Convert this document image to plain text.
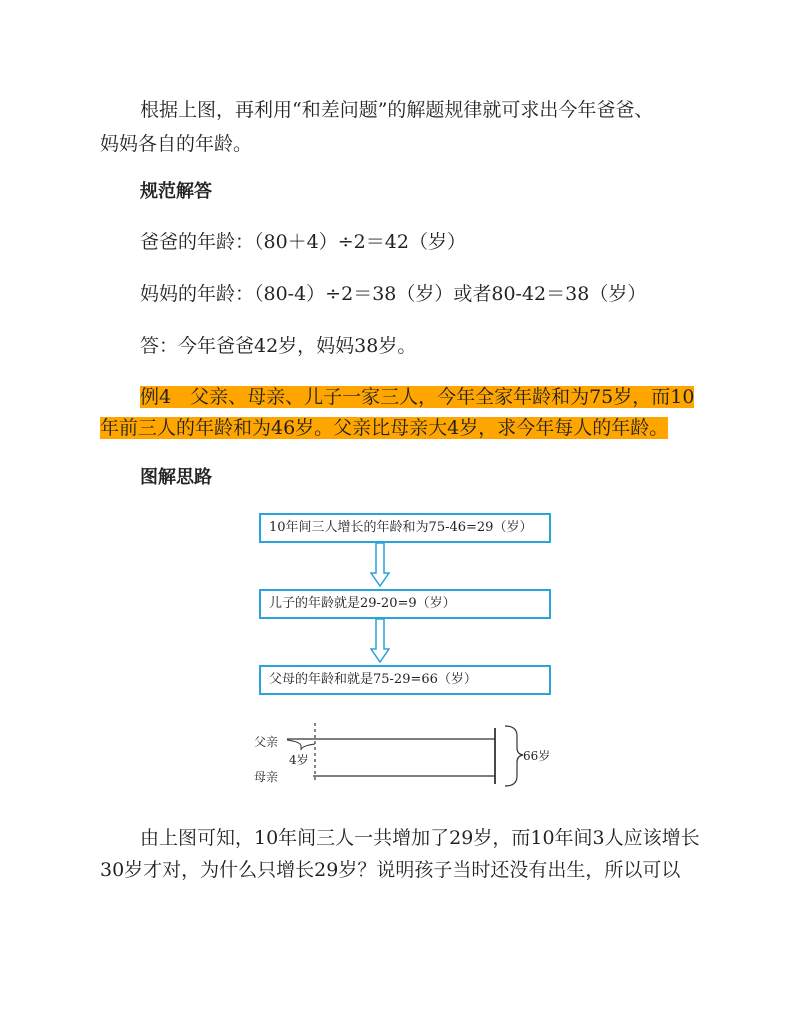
根据上图，再利用“和差问题”的解题规律就可求出今年爸爸、

妈妈各自的年龄。

规范解答

爸爸的年龄：（80＋4）÷2＝42（岁）

妈妈的年龄：（80-4）÷2＝38（岁）或者80-42＝38（岁）

答：今年爸爸42岁，妈妈38岁。

例4　父亲、母亲、儿子一家三人，今年全家年龄和为75岁，而10

年前三人的年龄和为46岁。父亲比母亲大4岁，求今年每人的年龄。

图解思路

10年间三人增长的年龄和为75-46=29（岁）
儿子的年龄就是29-20=9（岁）
父母的年龄和就是75-29=66（岁）
父亲
4岁
母亲
66岁

由上图可知，10年间三人一共增加了29岁，而10年间3人应该增长

30岁才对，为什么只增长29岁？说明孩子当时还没有出生，所以可以
